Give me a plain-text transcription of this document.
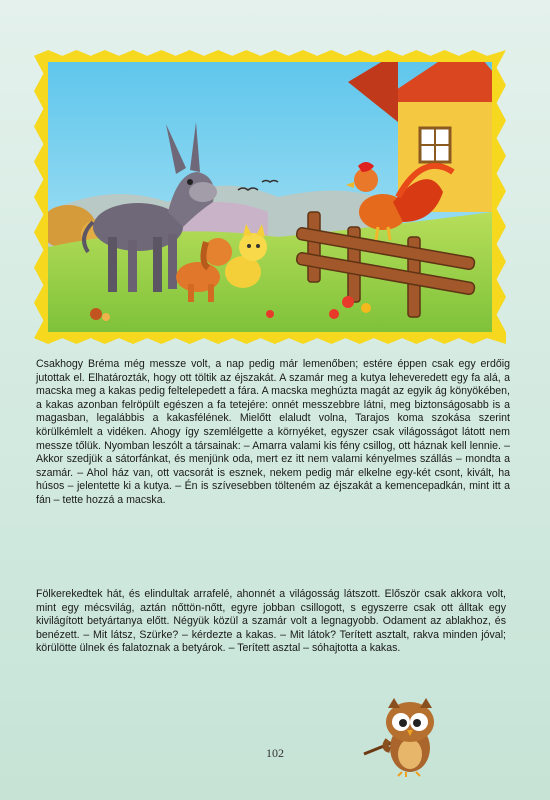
Csakhogy Bréma még messze volt, a nap pedig már lemenőben; estére éppen csak egy erdőig jutottak el. Elhatározták, hogy ott töltik az éjszakát. A szamár meg a kutya leheveredett egy fa alá, a macska meg a kakas pedig feltelepedett a fára. A macska meghúzta magát az egyik ág könyökében, a kakas azonban felröpült egészen a fa tetejére: onnét messzebbre látni, meg biztonságosabb is a magasban, legalábbis a kakasfélének. Mielőtt elaludt volna, Tarajos koma szokása szerint körülkémlelt a vidéken. Ahogy így szemlélgette a környéket, egyszer csak világosságot látott nem messze tőlük. Nyomban leszólt a társainak: – Amarra valami kis fény csillog, ott háznak kell lennie. – Akkor szedjük a sátorfánkat, és menjünk oda, mert ez itt nem valami kényelmes szállás – mondta a szamár. – Ahol ház van, ott vacsorát is esznek, nekem pedig már elkelne egy-két csont, kivált, ha húsos – jelentette ki a kutya. – Én is szívesebben tölteném az éjszakát a kemencepadkán, mint itt a fán – tette hozzá a macska.

Fölkerekedtek hát, és elindultak arrafelé, ahonnét a világosság látszott. Először csak akkora volt, mint egy mécsvilág, aztán nőttön-nőtt, egyre jobban csillogott, s egyszerre csak ott álltak egy kivilágított betyártanya előtt. Négyük közül a szamár volt a legnagyobb. Odament az ablakhoz, és benézett. – Mit látsz, Szürke? – kérdezte a kakas. – Mit látok? Terített asztalt, rakva minden jóval; körülötte ülnek és falatoznak a betyárok. – Terített asztal – sóhajtotta a kakas.

102
